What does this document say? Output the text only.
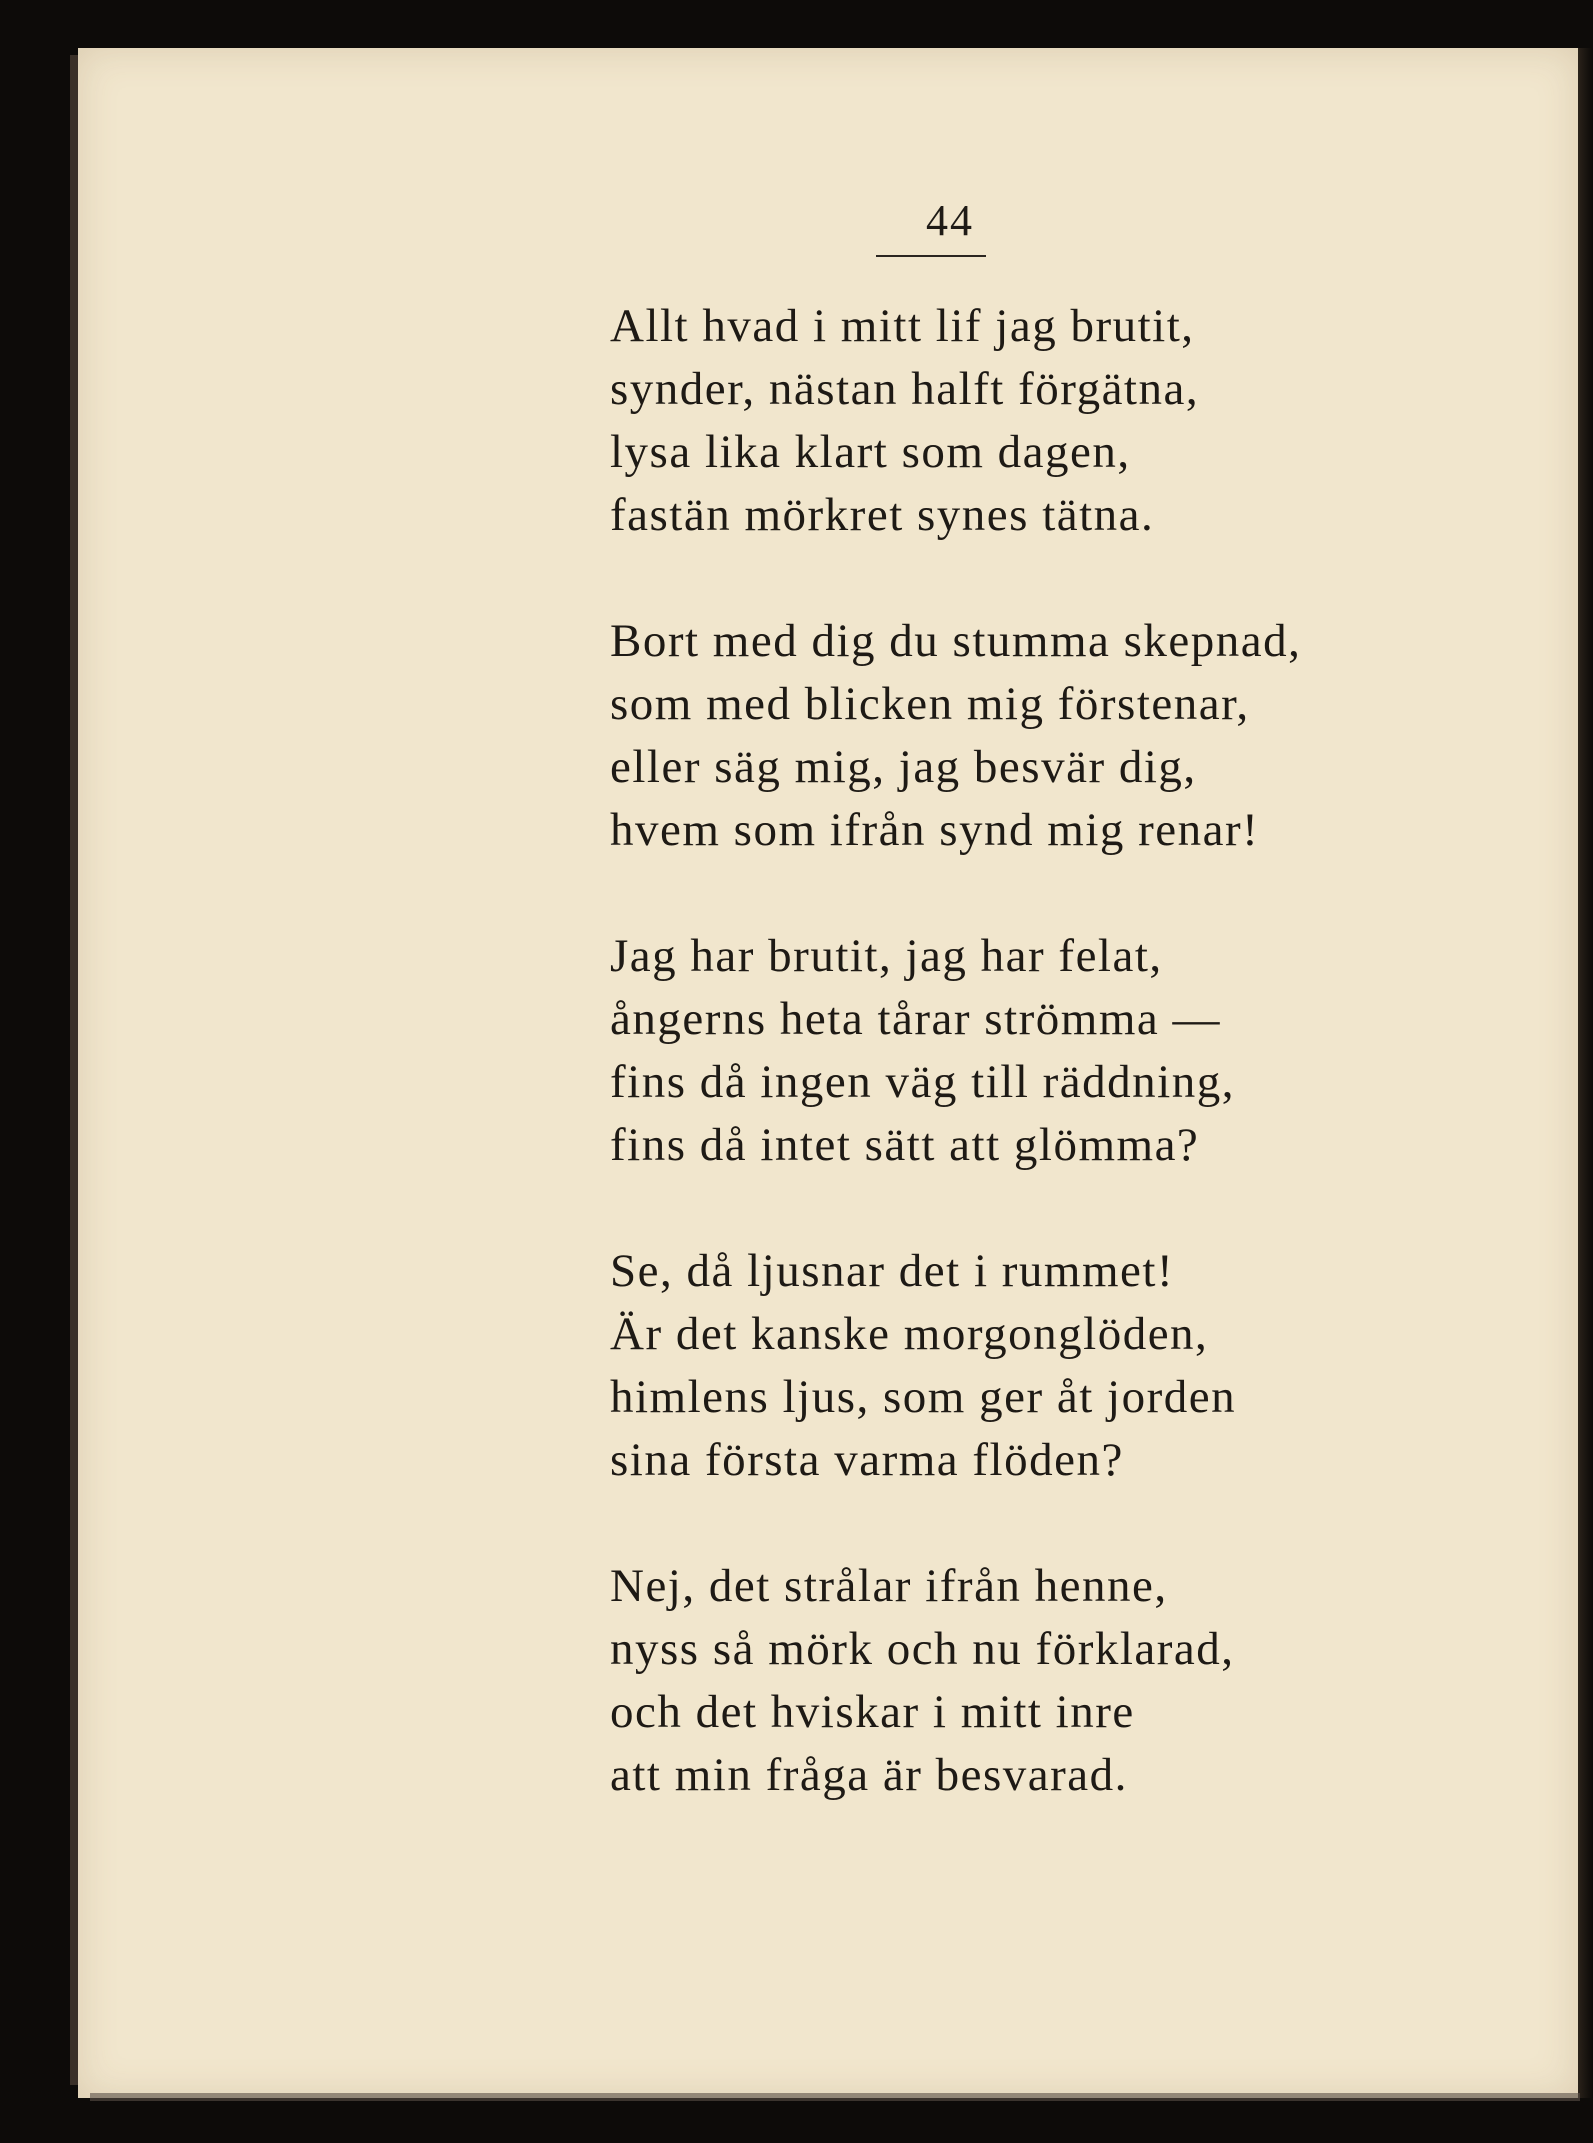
44
Allt hvad i mitt lif jag brutit,
synder, nästan halft förgätna,
lysa lika klart som dagen,
fastän mörkret synes tätna.
Bort med dig du stumma skepnad,
som med blicken mig förstenar,
eller säg mig, jag besvär dig,
hvem som ifrån synd mig renar!
Jag har brutit, jag har felat,
ångerns heta tårar strömma —
fins då ingen väg till räddning,
fins då intet sätt att glömma?
Se, då ljusnar det i rummet!
Är det kanske morgonglöden,
himlens ljus, som ger åt jorden
sina första varma flöden?
Nej, det strålar ifrån henne,
nyss så mörk och nu förklarad,
och det hviskar i mitt inre
att min fråga är besvarad.
